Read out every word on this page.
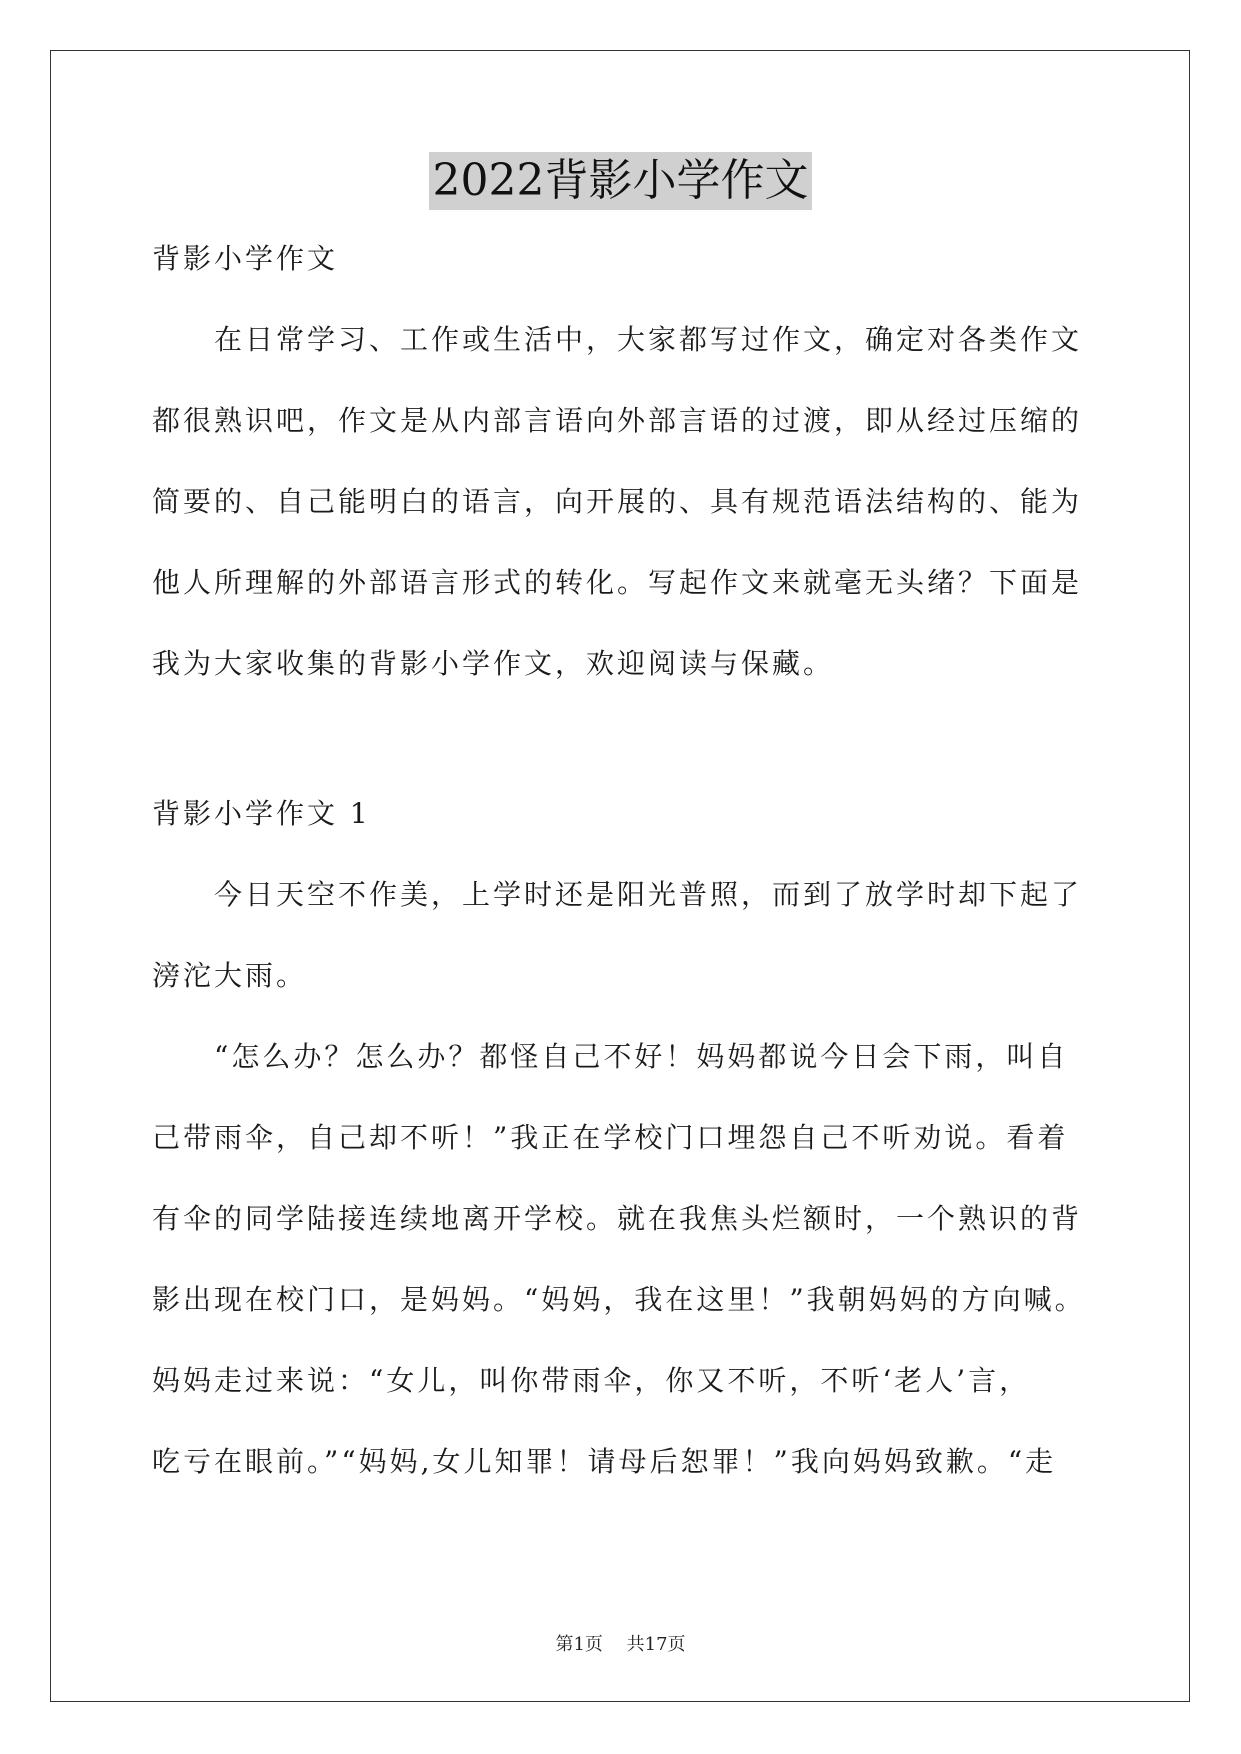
2022背影小学作文
背影小学作文
在日常学习、工作或生活中，大家都写过作文，确定对各类作文
都很熟识吧，作文是从内部言语向外部言语的过渡，即从经过压缩的
简要的、自己能明白的语言，向开展的、具有规范语法结构的、能为
他人所理解的外部语言形式的转化。写起作文来就毫无头绪？下面是
我为大家收集的背影小学作文，欢迎阅读与保藏。
背影小学作文 1
今日天空不作美，上学时还是阳光普照，而到了放学时却下起了
滂沱大雨。
“怎么办？怎么办？都怪自己不好！妈妈都说今日会下雨，叫自
己带雨伞，自己却不听！”我正在学校门口埋怨自己不听劝说。看着
有伞的同学陆接连续地离开学校。就在我焦头烂额时，一个熟识的背
影出现在校门口，是妈妈。“妈妈，我在这里！”我朝妈妈的方向喊。
妈妈走过来说：“女儿，叫你带雨伞，你又不听，不听‘老人’言，
吃亏在眼前。”“妈妈,女儿知罪！请母后恕罪！”我向妈妈致歉。“走
第1页 共17页
